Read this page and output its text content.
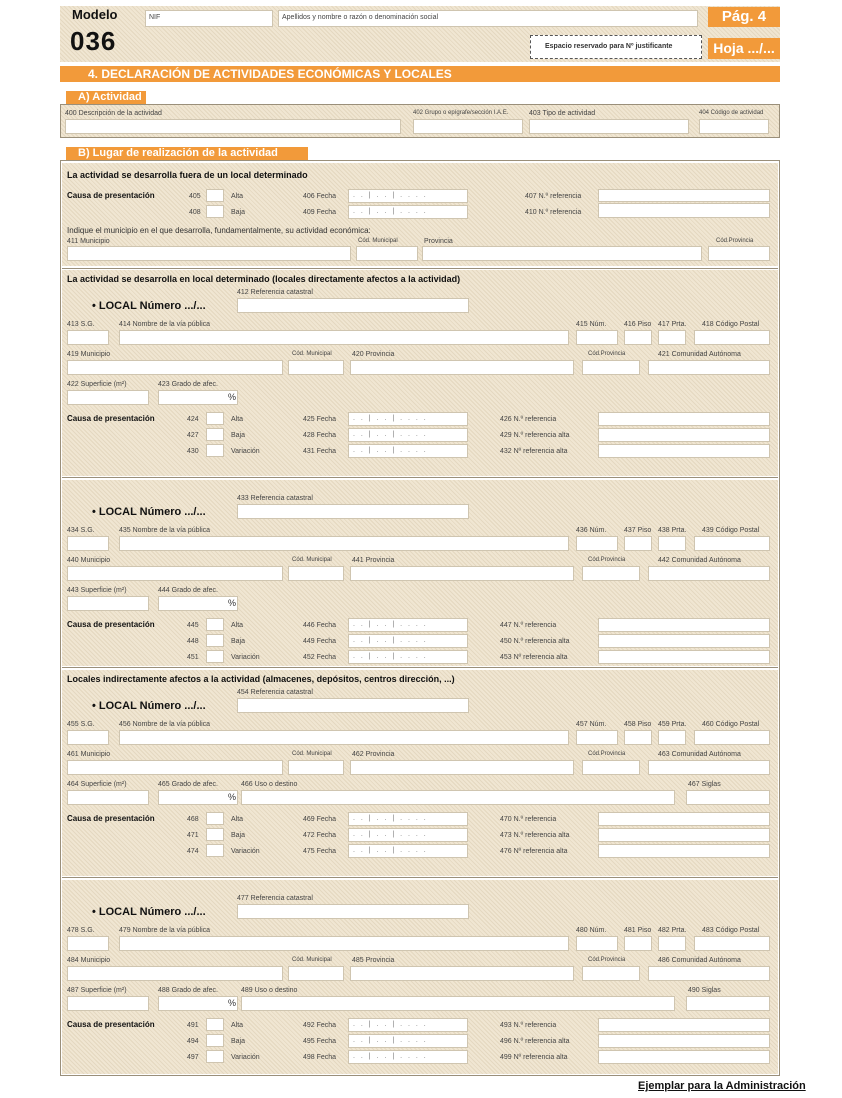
Modelo
036
NIF	Apellidos y nombre o razón o denominación social
Espacio reservado para Nº justificante
Pág. 4
Hoja .../...
4. DECLARACIÓN DE ACTIVIDADES ECONÓMICAS Y LOCALES
A) Actividad
400 Descripción de la actividad	402 Grupo o epígrafe/sección I.A.E.	403 Tipo de actividad	404 Código de actividad
B) Lugar de realización de la actividad
La actividad se desarrolla fuera de un local determinado
Causa de presentación	405	Alta	406 Fecha	. . | . . | . . . .	407 N.º referencia
408	Baja	409 Fecha	. . | . . | . . . .	410 N.º referencia
Indique el municipio en el que desarrolla, fundamentalmente, su actividad económica:
411 Municipio	Cód. Municipal	Provincia	Cód.Provincia
La actividad se desarrolla en local determinado (locales directamente afectos a la actividad)
412 Referencia catastral
• LOCAL Número .../...
413 S.G.	414 Nombre de la vía pública	415 Núm.	416 Piso 417 Prta. 418 Código Postal
419 Municipio	Cód. Municipal	420 Provincia	Cód.Provincia	421 Comunidad Autónoma
422 Superficie (m²)	423 Grado de afec.
%
Causa de presentación	424	Alta	425 Fecha	. . | . . | . . . .	426 N.º referencia
427	Baja	428 Fecha	. . | . . | . . . .	429 N.º referencia alta
430	Variación	431 Fecha	. . | . . | . . . .	432 Nº referencia alta
433 Referencia catastral
• LOCAL Número .../...
434 S.G.	435 Nombre de la vía pública	436 Núm.	437 Piso 438 Prta. 439 Código Postal
440 Municipio	Cód. Municipal	441 Provincia	Cód.Provincia	442 Comunidad Autónoma
443 Superficie (m²)	444 Grado de afec.
%
Causa de presentación	445	Alta	446 Fecha	. . | . . | . . . .	447 N.º referencia
448	Baja	449 Fecha	. . | . . | . . . .	450 N.º referencia alta
451	Variación	452 Fecha	. . | . . | . . . .	453 Nº referencia alta
Locales indirectamente afectos a la actividad (almacenes, depósitos, centros dirección, ...)
454 Referencia catastral
• LOCAL Número .../...
455 S.G.	456 Nombre de la vía pública	457 Núm.	458 Piso 459 Prta. 460 Código Postal
461 Municipio	Cód. Municipal	462 Provincia	Cód.Provincia	463 Comunidad Autónoma
464 Superficie (m²)	465 Grado de afec.
%
466 Uso o destino	467 Siglas
Causa de presentación	468	Alta	469 Fecha	. . | . . | . . . .	470 N.º referencia
471	Baja	472 Fecha	. . | . . | . . . .	473 N.º referencia alta
474	Variación	475 Fecha	. . | . . | . . . .	476 Nº referencia alta
477 Referencia catastral
• LOCAL Número .../...
478 S.G.	479 Nombre de la vía pública	480 Núm.	481 Piso 482 Prta. 483 Código Postal
484 Municipio	Cód. Municipal	485 Provincia	Cód.Provincia	486 Comunidad Autónoma
487 Superficie (m²)	488 Grado de afec.
%
489 Uso o destino	490 Siglas
Causa de presentación	491	Alta	492 Fecha	. . | . . | . . . .	493 N.º referencia
494	Baja	495 Fecha	. . | . . | . . . .	496 N.º referencia alta
497	Variación	498 Fecha	. . | . . | . . . .	499 Nº referencia alta
Ejemplar para la Administración
